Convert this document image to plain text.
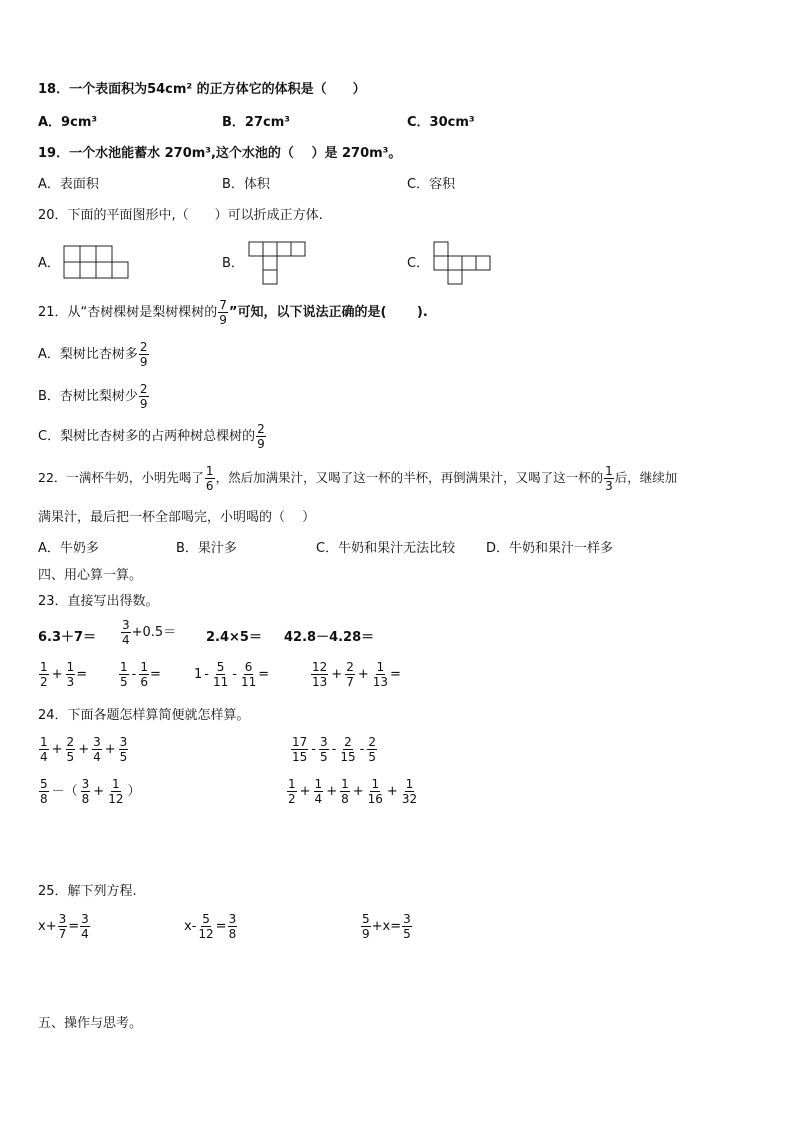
18．一个表面积为54cm² 的正方体它的体积是（　　）
A．9cm³	B．27cm³	C．30cm³
19．一个水池能蓄水 270m³,这个水池的（　 ）是 270m³。
A．表面积	B．体积	C．容积
20．下面的平面图形中,（　　）可以折成正方体.
A．	B．	C．
21．从“杏树棵树是梨树棵树的 $\frac{7}{9}$ ”可知，以下说法正确的是(　　 ).
A．梨树比杏树多 $\frac{2}{9}$
B．杏树比梨树少 $\frac{2}{9}$
C．梨树比杏树多的占两种树总棵树的 $\frac{2}{9}$
22．一满杯牛奶，小明先喝了 $\frac{1}{6}$ ，然后加满果汁，又喝了这一杯的半杯，再倒满果汁，又喝了这一杯的 $\frac{1}{3}$ 后，继续加
满果汁，最后把一杯全部喝完，小明喝的（　 ）
A．牛奶多	B．果汁多	C．牛奶和果汁无法比较 D．牛奶和果汁一样多
四、用心算一算。
23．直接写出得数。
$6.3+7= \frac{3}{4} +0.5= 2.4\times 5= 42.8-4.28=$
$\frac{1}{2} + \frac{1}{3}$ =	$\frac{1}{5} - \frac{1}{6}$ =	$1 - \frac{5}{11} - \frac{6}{11}$ =	$\frac{12}{13} + \frac{2}{7} + \frac{1}{13}$ =
24．下面各题怎样算简便就怎样算。
$\frac{1}{4} + \frac{2}{5} + \frac{3}{4} + \frac{3}{5}$	$\frac{17}{15} - \frac{3}{5} - \frac{2}{15} - \frac{2}{5}$
$\frac{5}{8}$ －（ $\frac{3}{8} + \frac{1}{12}$ ）	$\frac{1}{2} + \frac{1}{4} + \frac{1}{8} + \frac{1}{16} + \frac{1}{32}$
25．解下列方程.
$x+ \frac{3}{7} = \frac{3}{4}$	$x- \frac{5}{12} = \frac{3}{8}$	$\frac{5}{9} +x= \frac{3}{5}$
五、操作与思考。
